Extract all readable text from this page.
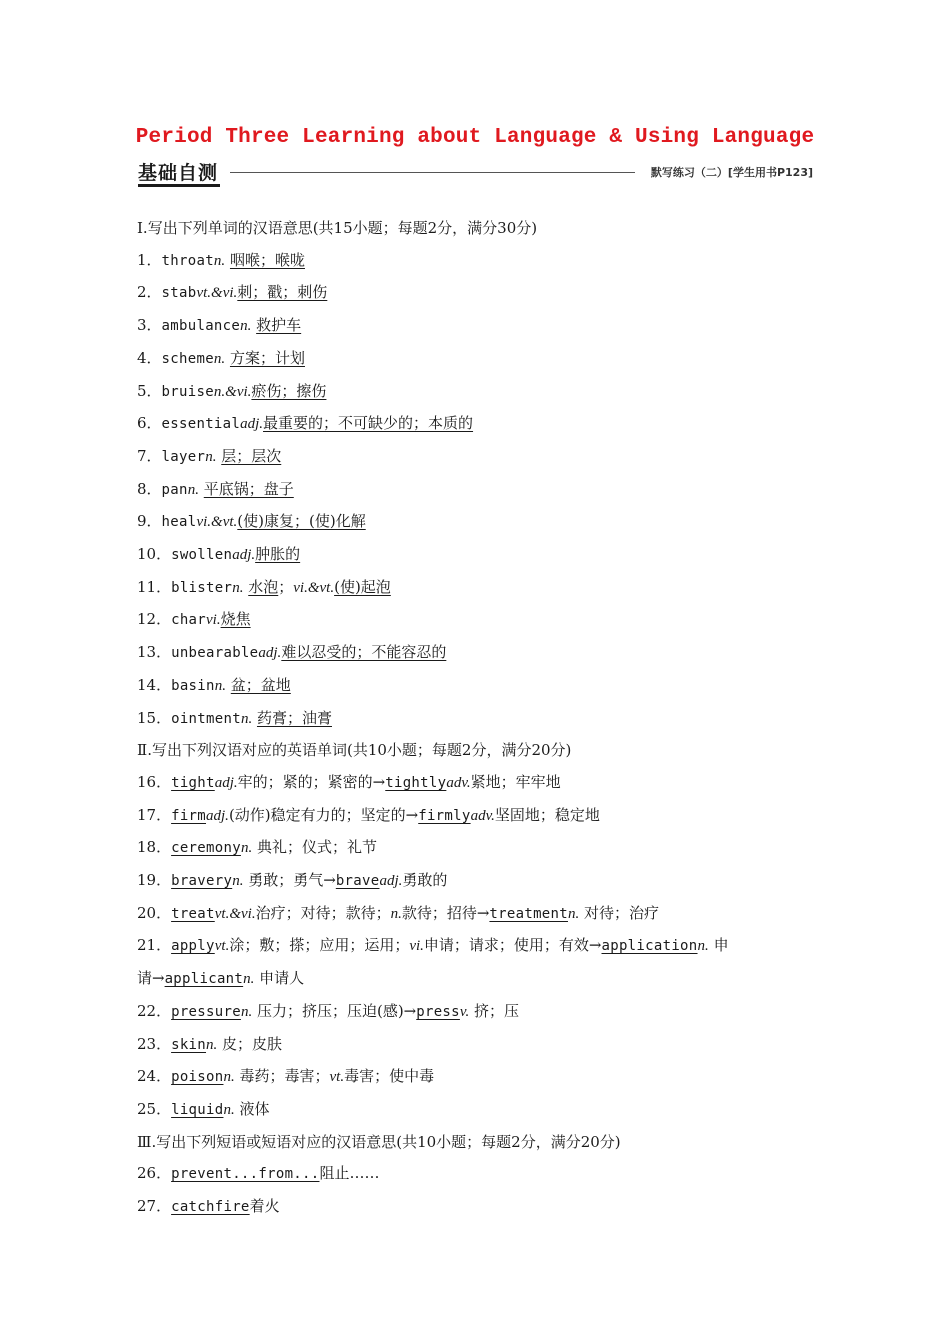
Period Three Learning about Language & Using Language
基础自测	默写练习（二）[学生用书P123]
Ⅰ.写出下列单词的汉语意思(共15小题；每题2分，满分30分)
1．throatn. 咽喉；喉咙
2．stabvt.&vi.刺；戳；刺伤
3．ambulancen. 救护车
4．schemen. 方案；计划
5．bruisen.&vi.瘀伤；擦伤
6．essentialadj.最重要的；不可缺少的；本质的
7．layern. 层；层次
8．pann. 平底锅；盘子
9．healvi.&vt.(使)康复；(使)化解
10．swollenadj.肿胀的
11．blistern. 水泡；vi.&vt.(使)起泡
12．charvi.烧焦
13．unbearableadj.难以忍受的；不能容忍的
14．basinn. 盆；盆地
15．ointmentn. 药膏；油膏
Ⅱ.写出下列汉语对应的英语单词(共10小题；每题2分，满分20分)
16．tightadj.牢的；紧的；紧密的→tightlyadv.紧地；牢牢地
17．firmadj.(动作)稳定有力的；坚定的→firmlyadv.坚固地；稳定地
18．ceremonyn. 典礼；仪式；礼节
19．braveryn. 勇敢；勇气→braveadj.勇敢的
20．treatvt.&vi.治疗；对待；款待；n.款待；招待→treatmentn. 对待；治疗
21．applyvt.涂；敷；搽；应用；运用；vi.申请；请求；使用；有效→applicationn. 申
请→applicantn. 申请人
22．pressuren. 压力；挤压；压迫(感)→pressv. 挤；压
23．skinn. 皮；皮肤
24．poisonn. 毒药；毒害；vt.毒害；使中毒
25．liquidn. 液体
Ⅲ.写出下列短语或短语对应的汉语意思(共10小题；每题2分，满分20分)
26．prevent...from...阻止……
27．catchfire着火
